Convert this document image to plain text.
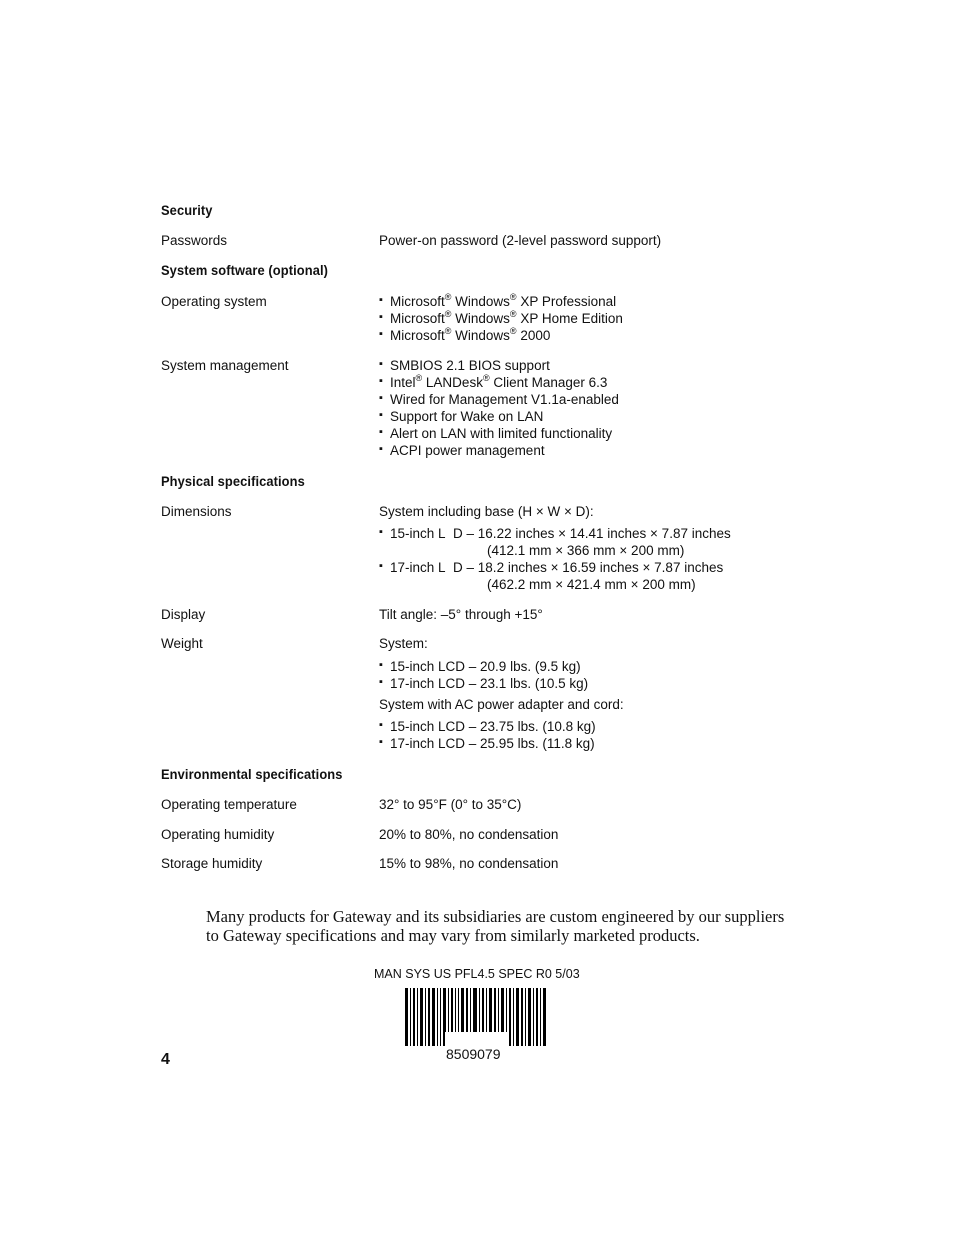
Security
Passwords	Power-on password (2-level password support)
System software (optional)
Operating system	▪ Microsoft® Windows® XP Professional
▪ Microsoft® Windows® XP Home Edition
▪ Microsoft® Windows® 2000
System management	▪ SMBIOS 2.1 BIOS support
▪ Intel® LANDesk® Client Manager 6.3
▪ Wired for Management V1.1a-enabled
▪ Support for Wake on LAN
▪ Alert on LAN with limited functionality
▪ ACPI power management
Physical specifications
Dimensions	System including base (H × W × D):
▪ 15-inch L  D – 16.22 inches × 14.41 inches × 7.87 inches
(412.1 mm × 366 mm × 200 mm)
▪ 17-inch L  D – 18.2 inches × 16.59 inches × 7.87 inches
(462.2 mm × 421.4 mm × 200 mm)
Display	Tilt angle: –5° through +15°
Weight	System:
▪ 15-inch LCD – 20.9 lbs. (9.5 kg)
▪ 17-inch LCD – 23.1 lbs. (10.5 kg)
System with AC power adapter and cord:
▪ 15-inch LCD – 23.75 lbs. (10.8 kg)
▪ 17-inch LCD – 25.95 lbs. (11.8 kg)
Environmental specifications
Operating temperature	32° to 95°F (0° to 35°C)
Operating humidity	20% to 80%, no condensation
Storage humidity	15% to 98%, no condensation
Many products for Gateway and its subsidiaries are custom engineered by our suppliers to Gateway specifications and may vary from similarly marketed products.
MAN SYS US PFL4.5 SPEC R0 5/03
8509079
4
